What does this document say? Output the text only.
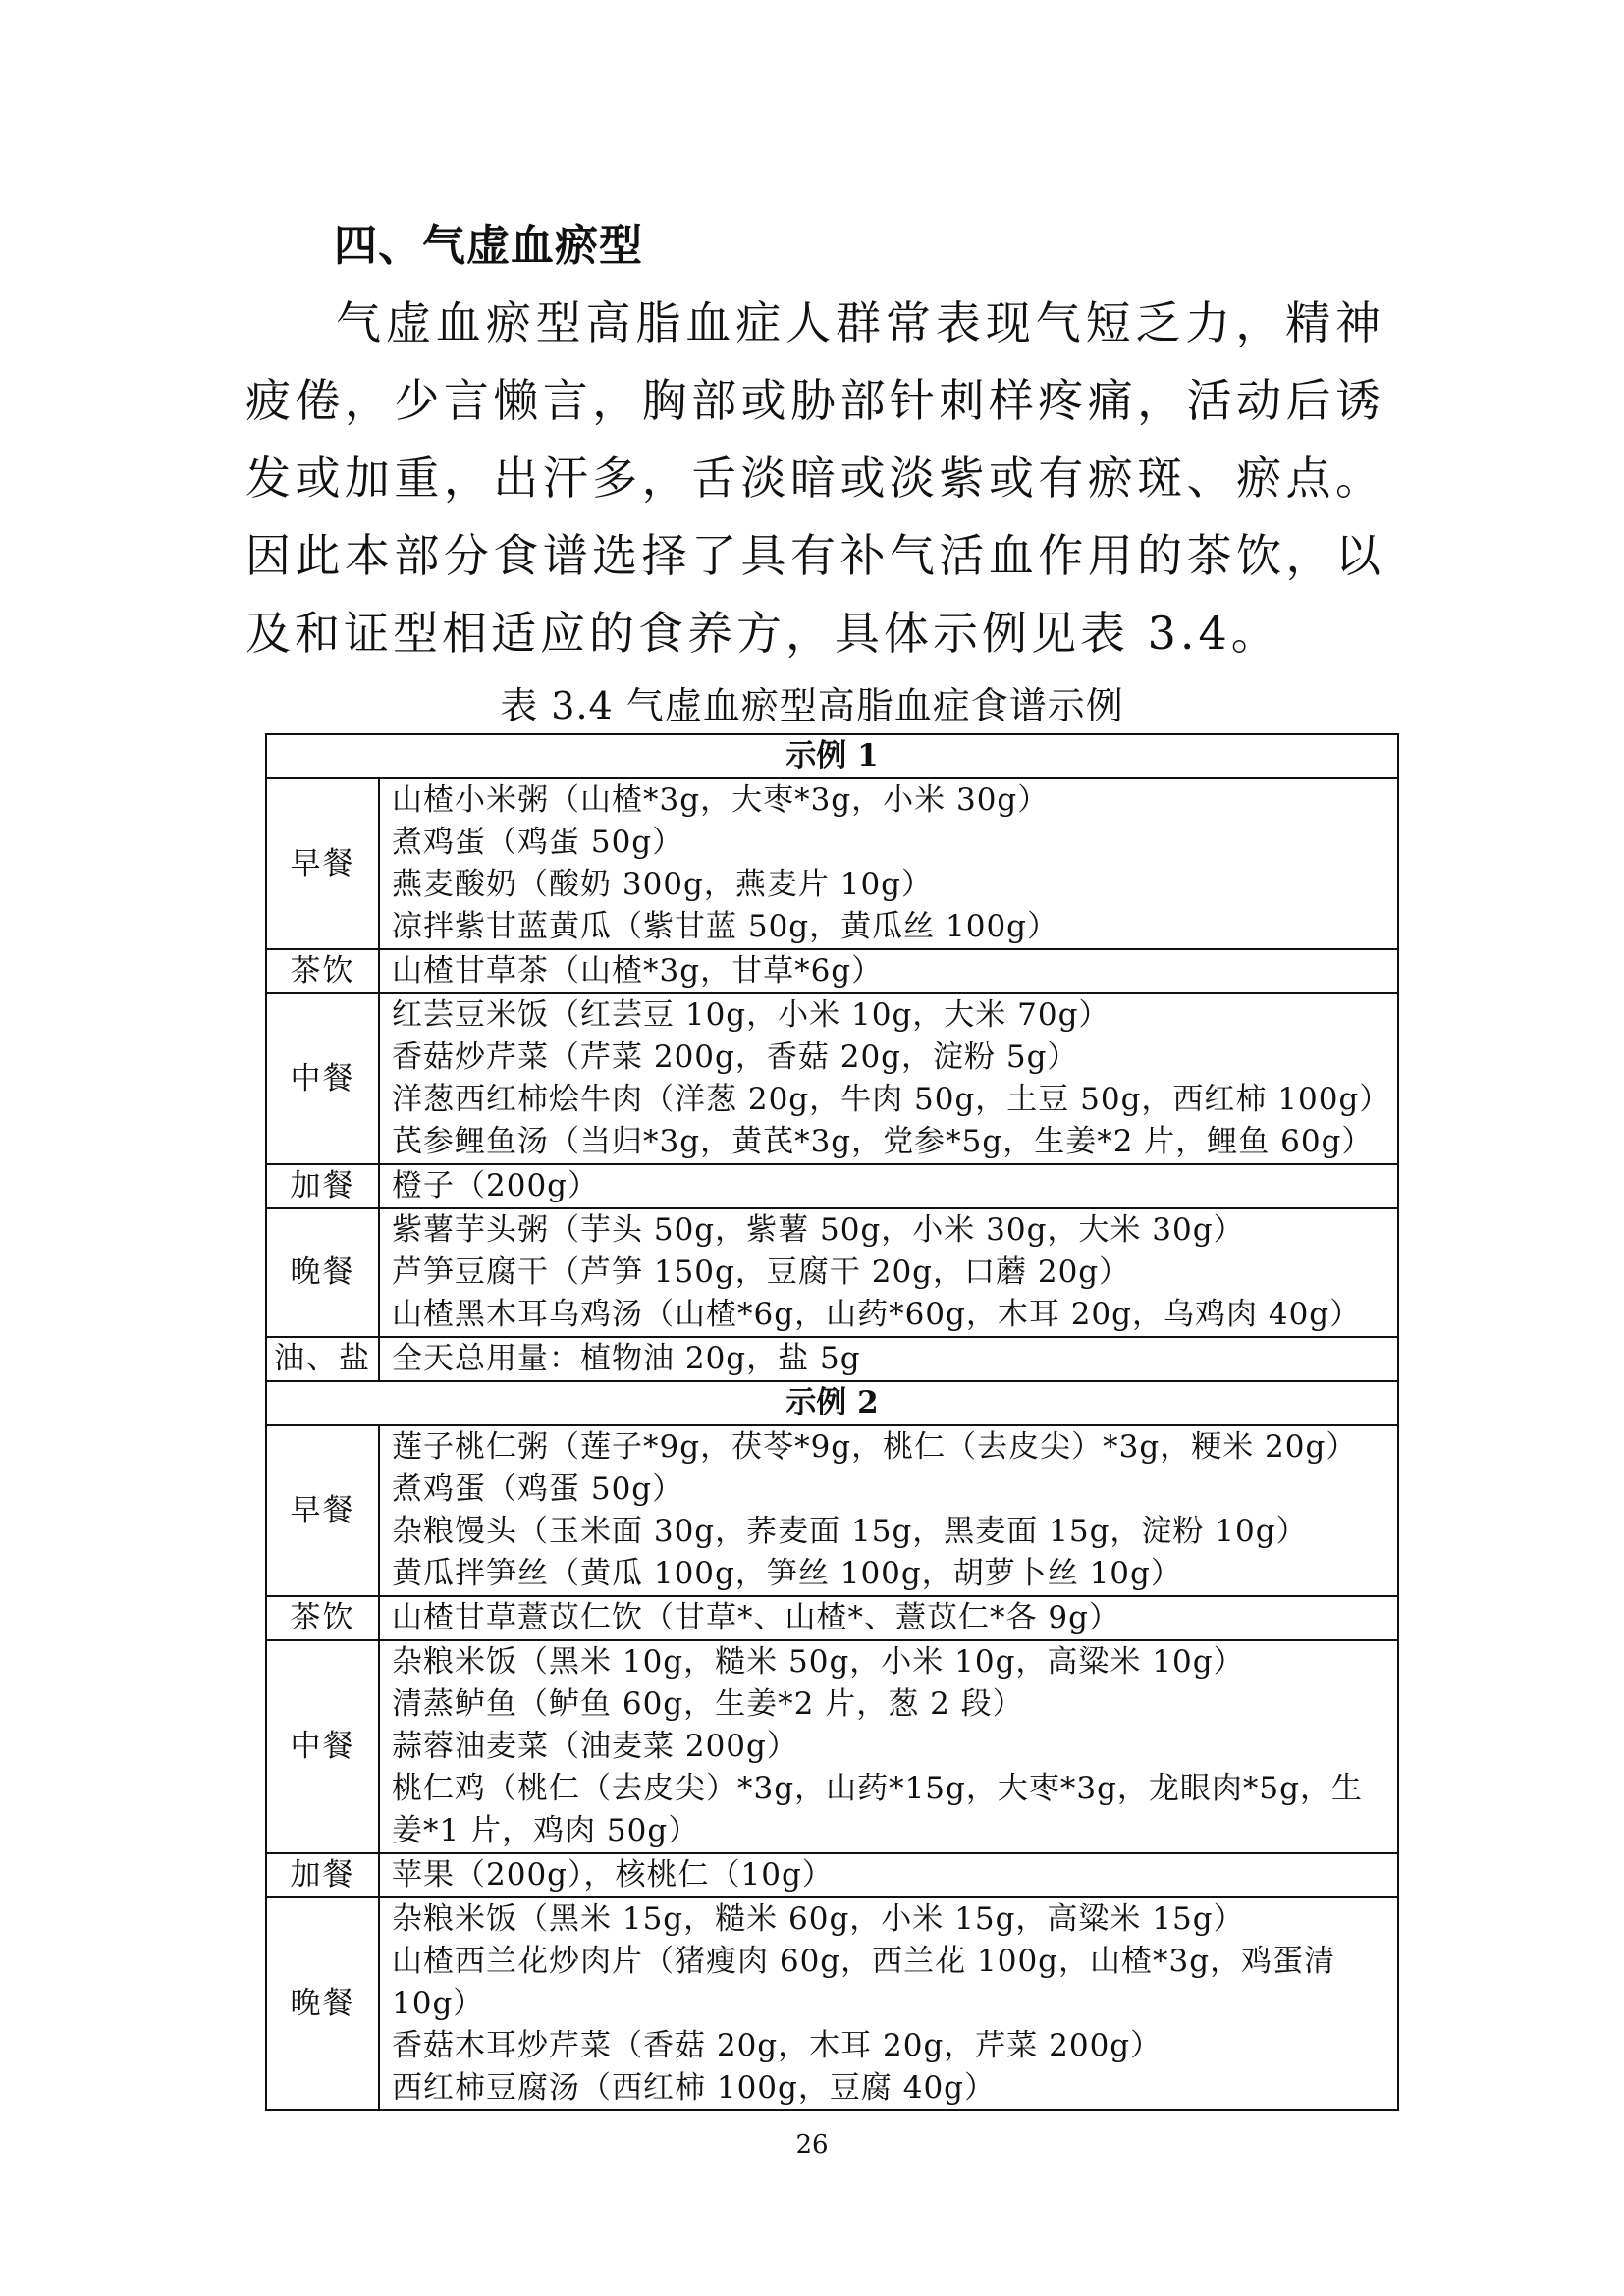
四、气虚血瘀型
气虚血瘀型高脂血症人群常表现气短乏力，精神疲倦，少言懒言，胸部或胁部针刺样疼痛，活动后诱发或加重，出汗多，舌淡暗或淡紫或有瘀斑、瘀点。因此本部分食谱选择了具有补气活血作用的茶饮，以及和证型相适应的食养方，具体示例见表 3.4。
表 3.4 气虚血瘀型高脂血症食谱示例
示例 1	
早餐	山楂小米粥（山楂*3g，大枣*3g，小米 30g）
煮鸡蛋（鸡蛋 50g）
燕麦酸奶（酸奶 300g，燕麦片 10g）
凉拌紫甘蓝黄瓜（紫甘蓝 50g，黄瓜丝 100g）

茶饮	山楂甘草茶（山楂*3g，甘草*6g）

中餐	红芸豆米饭（红芸豆 10g，小米 10g，大米 70g）
香菇炒芹菜（芹菜 200g，香菇 20g，淀粉 5g）
洋葱西红柿烩牛肉（洋葱 20g，牛肉 50g，土豆 50g，西红柿 100g）
芪参鲤鱼汤（当归*3g，黄芪*3g，党参*5g，生姜*2 片，鲤鱼 60g）

加餐	橙子（200g）

晚餐	紫薯芋头粥（芋头 50g，紫薯 50g，小米 30g，大米 30g）
芦笋豆腐干（芦笋 150g，豆腐干 20g，口蘑 20g）
山楂黑木耳乌鸡汤（山楂*6g，山药*60g，木耳 20g，乌鸡肉 40g）

油、盐	全天总用量：植物油 20g，盐 5g

示例 2	
早餐	莲子桃仁粥（莲子*9g，茯苓*9g，桃仁（去皮尖）*3g，粳米 20g）
煮鸡蛋（鸡蛋 50g）
杂粮馒头（玉米面 30g，荞麦面 15g，黑麦面 15g，淀粉 10g）
黄瓜拌笋丝（黄瓜 100g，笋丝 100g，胡萝卜丝 10g）

茶饮	山楂甘草薏苡仁饮（甘草*、山楂*、薏苡仁*各 9g）

中餐	杂粮米饭（黑米 10g，糙米 50g，小米 10g，高粱米 10g）
清蒸鲈鱼（鲈鱼 60g，生姜*2 片，葱 2 段）
蒜蓉油麦菜（油麦菜 200g）
桃仁鸡（桃仁（去皮尖）*3g，山药*15g，大枣*3g，龙眼肉*5g，生姜*1 片，鸡肉 50g）

加餐	苹果（200g），核桃仁（10g）

晚餐	杂粮米饭（黑米 15g，糙米 60g，小米 15g，高粱米 15g）
山楂西兰花炒肉片（猪瘦肉 60g，西兰花 100g，山楂*3g，鸡蛋清 10g）
香菇木耳炒芹菜（香菇 20g，木耳 20g，芹菜 200g）
西红柿豆腐汤（西红柿 100g，豆腐 40g）
26
